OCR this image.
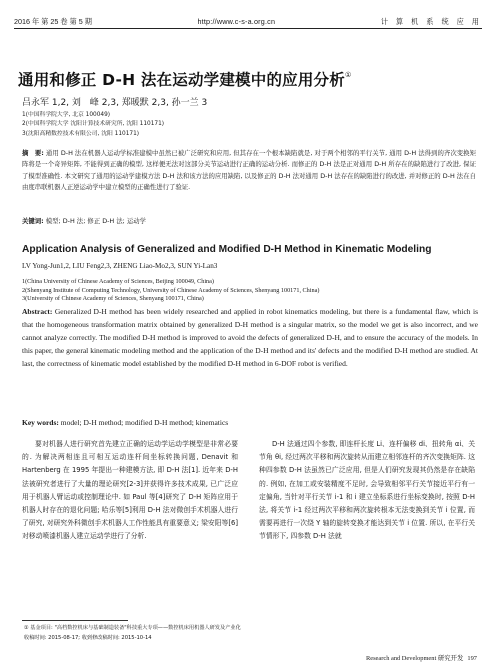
2016 年 第 25 卷 第 5 期	http://www.c-s-a.org.cn	计 算 机 系 统 应 用
通用和修正 D-H 法在运动学建模中的应用分析①
吕永军 1,2, 刘　峰 2,3, 郑暖默 2,3, 孙一兰 3
1(中国科学院大学, 北京 100049)
2(中国科学院大学 沈阳计算技术研究所, 沈阳 110171)
3(沈阳高精数控技术有限公司, 沈阳 110171)
摘　要: 通用 D-H 法在机器人运动学标准建模中虽然已被广泛研究和应用, 但其存在一个根本缺陷就是, 对于两个相邻的平行关节, 通用 D-H 法得到的齐次变换矩阵将是一个奇异矩阵, 不能得到正确的模型, 这样便无法对这部分关节运动进行正确的运动分析. 而修正的 D-H 法是正对通用 D-H 所存在的缺陷进行了改进, 保证了模型准确性. 本文研究了通用的运动学建模方法 D-H 法和该方法的应用缺陷, 以及修正的 D-H 法对通用 D-H 法存在的缺陷进行的改进, 并对修正的 D-H 法在自由度串联机器人正逆运动学中建立模型的正确性进行了验证.
关键词: 模型; D-H 法; 修正 D-H 法; 运动学
Application Analysis of Generalized and Modified D-H Method in Kinematic Modeling
LV Yong-Jun1,2, LIU Feng2,3, ZHENG Liao-Mo2,3, SUN Yi-Lan3
1(China University of Chinese Academy of Sciences, Beijing 100049, China)
2(Shenyang Institute of Computing Technology, University of Chinese Academy of Sciences, Shenyang 100171, China)
3(University of Chinese Academy of Sciences, Shenyang 100171, China)
Abstract: Generalized D-H method has been widely researched and applied in robot kinematics modeling, but there is a fundamental flaw, which is that the homogeneous transformation matrix obtained by generalized D-H method is a singular matrix, so the model we get is also incorrect, and we cannot analyze correctly. The modified D-H method is improved to avoid the defects of generalized D-H, and to ensure the accuracy of the models. In this paper, the general kinematic modeling method and the application of the D-H method and its' defects and the modified D-H method are studied. At last, the correctness of kinematic model established by the modified D-H method in 6-DOF robot is verified.
Key words: model; D-H method; modified D-H method; kinematics

要对机器人进行研究首先建立正确的运动学运动学模型是非常必要的. 为解决两相连且可相互运动连杆间坐标转换问题, Denavit 和 Hartenberg 在 1995 年提出一种建模方法, 即 D-H 法[1]. 近年来 D-H 法被研究者进行了大量的理论研究[2-3]并获得许多技术成果, 已广泛应用于机器人臂运动或控制理论中. 如 Paul 等[4]研究了 D-H 矩阵应用于机器人时存在的退化问题; 哈乐等[5]利用 D-H 法对微创手术机器人进行了研究, 对研究外科微创手术机器人工作性能具有重要意义; 梁安阳等[6]对移动喷漆机器人建立运动学进行了分析.

D-H 法通过四个参数, 即连杆长度 Li、连杆偏移 di、扭转角 αi、关节角 θi, 经过两次平移和两次旋转从而建立相邻连杆的齐次变换矩阵. 这种四参数 D-H 法虽然已广泛应用, 但是人们研究发现其仍然是存在缺陷的. 例如, 在加工或安装精度不足时, 会导致相邻平行关节接近平行有一定偏角, 当针对平行关节 i-1 和 i 建立坐标系进行坐标变换时, 按照 D-H 法, 将关节 i-1 经过两次平移和两次旋转根本无法变换到关节 i 位置, 而需要再进行一次绕 Y 轴的旋转变换才能达到关节 i 位置. 所以, 在平行关节情形下, 四参数 D-H 法就

① 基金项目: "高档数控机床与基础制造装备"科技重大专项——数控机床用机器人研发及产业化
收稿时间: 2015-08-17; 收到修改稿时间: 2015-10-14
Research and Development 研究开发 197
